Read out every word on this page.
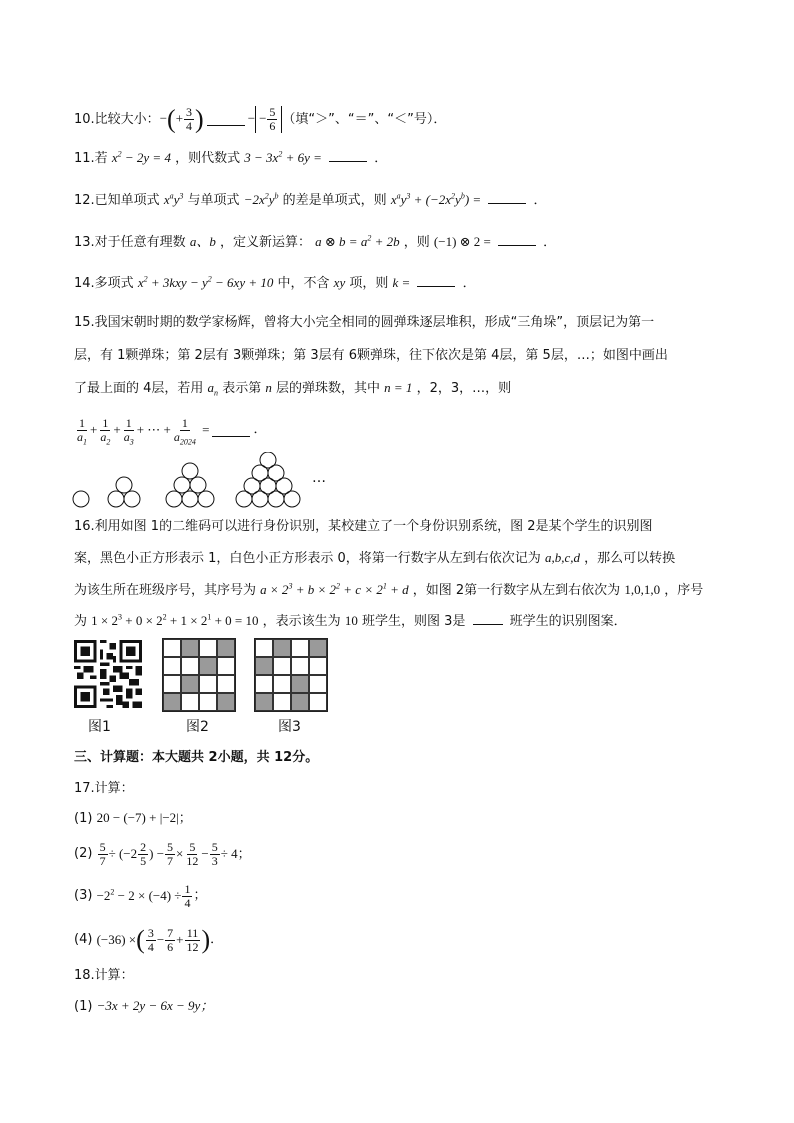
10.比较大小： −(+ $\frac{3}{4}$ )	− − $\frac{5}{6}$ （填“＞”、“＝”、“＜”号）．
11.若 $x^2 - 2y = 4$ ，则代数式 $3 - 3x^2 + 6y$ =	．
12.已知单项式 $x^ay^3$ 与单项式 $-2x^2y^b$ 的差是单项式，则 $x^ay^3 + (-2x^2y^b)$ =	．
13.对于任意有理数 a、b ，定义新运算： a ⊗ $b = a^2 + 2b$ ，则 (−1) ⊗ 2 =	．
14.多项式 $x^2 + 3kxy - y^2 - 6xy + 10$ 中，不含 xy 项，则 k =	．
15.我国宋朝时期的数学家杨辉，曾将大小完全相同的圆弹珠逐层堆积，形成“三角垛”，顶层记为第一
层，有 1颗弹珠；第 2层有 3颗弹珠；第 3层有 6颗弹珠，往下依次是第 4层，第 5层，…；如图中画出
了最上面的 4层，若用 $a_n$ 表示第 n 层的弹珠数，其中 n = 1 ，2，3，…，则
$\frac{1}{a_1} + \frac{1}{a_2} + \frac{1}{a_3}$ + ⋯ + $\frac{1}{a_{2024}}$ =	．
…
16.利用如图 1的二维码可以进行身份识别，某校建立了一个身份识别系统，图 2是某个学生的识别图
案，黑色小正方形表示 1，白色小正方形表示 0，将第一行数字从左到右依次记为 a,b,c,d ，那么可以转换
为该生所在班级序号，其序号为 $a \times 2^3 + b \times 2^2 + c \times 2^1 + d$ ，如图 2第一行数字从左到右依次为 1,0,1,0 ，序号
为 $1 \times 2^3 + 0 \times 2^2 + 1 \times 2^1 + 0 = 10$ ，表示该生为 10 班学生，则图 3是	班学生的识别图案．
图1	图2	图3
三、计算题：本大题共 2小题，共 12分。
17.计算：
(1) 20 − (−7) + |−2|；
(2)
$\frac{5}{7} \div (-2 \frac{2}{5}$ ) − $\frac{5}{7} \times \frac{5}{12} - \frac{5}{3} \div 4$；
(3)
$-2^2 - 2 \times (-4) \div \frac{1}{4}$ ；
(4)
(−36) × ( $\frac{3}{4} - \frac{7}{6} + \frac{11}{12}$ ) ．
18.计算：
(1) −3x + 2y − 6x − 9y；
